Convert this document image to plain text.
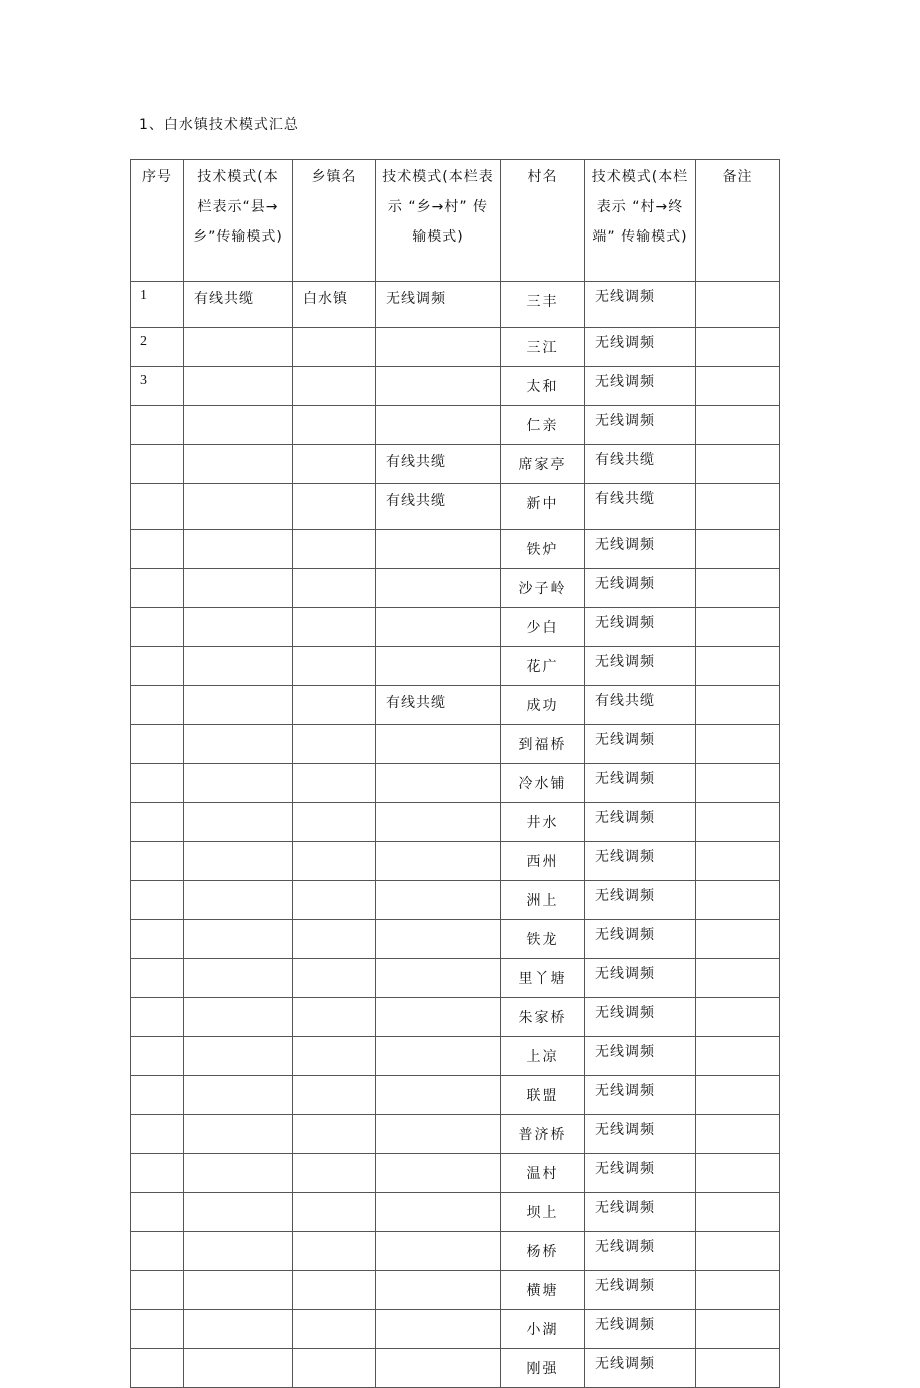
1、白水镇技术模式汇总
序号	技术模式(本栏表示“县→乡”传输模式)	乡镇名	技术模式(本栏表示 “乡→村” 传输模式)	村名	技术模式(本栏表示 “村→终端” 传输模式)	备注
1	有线共缆	白水镇	无线调频	三丰	无线调频	
2				三江	无线调频	
3				太和	无线调频	
				仁亲	无线调频	
			有线共缆	席家亭	有线共缆	
			有线共缆	新中	有线共缆	
				铁炉	无线调频	
				沙子岭	无线调频	
				少白	无线调频	
				花广	无线调频	
			有线共缆	成功	有线共缆	
				到福桥	无线调频	
				冷水铺	无线调频	
				井水	无线调频	
				西州	无线调频	
				洲上	无线调频	
				铁龙	无线调频	
				里丫塘	无线调频	
				朱家桥	无线调频	
				上凉	无线调频	
				联盟	无线调频	
				普济桥	无线调频	
				温村	无线调频	
				坝上	无线调频	
				杨桥	无线调频	
				横塘	无线调频	
				小湖	无线调频	
				刚强	无线调频	
